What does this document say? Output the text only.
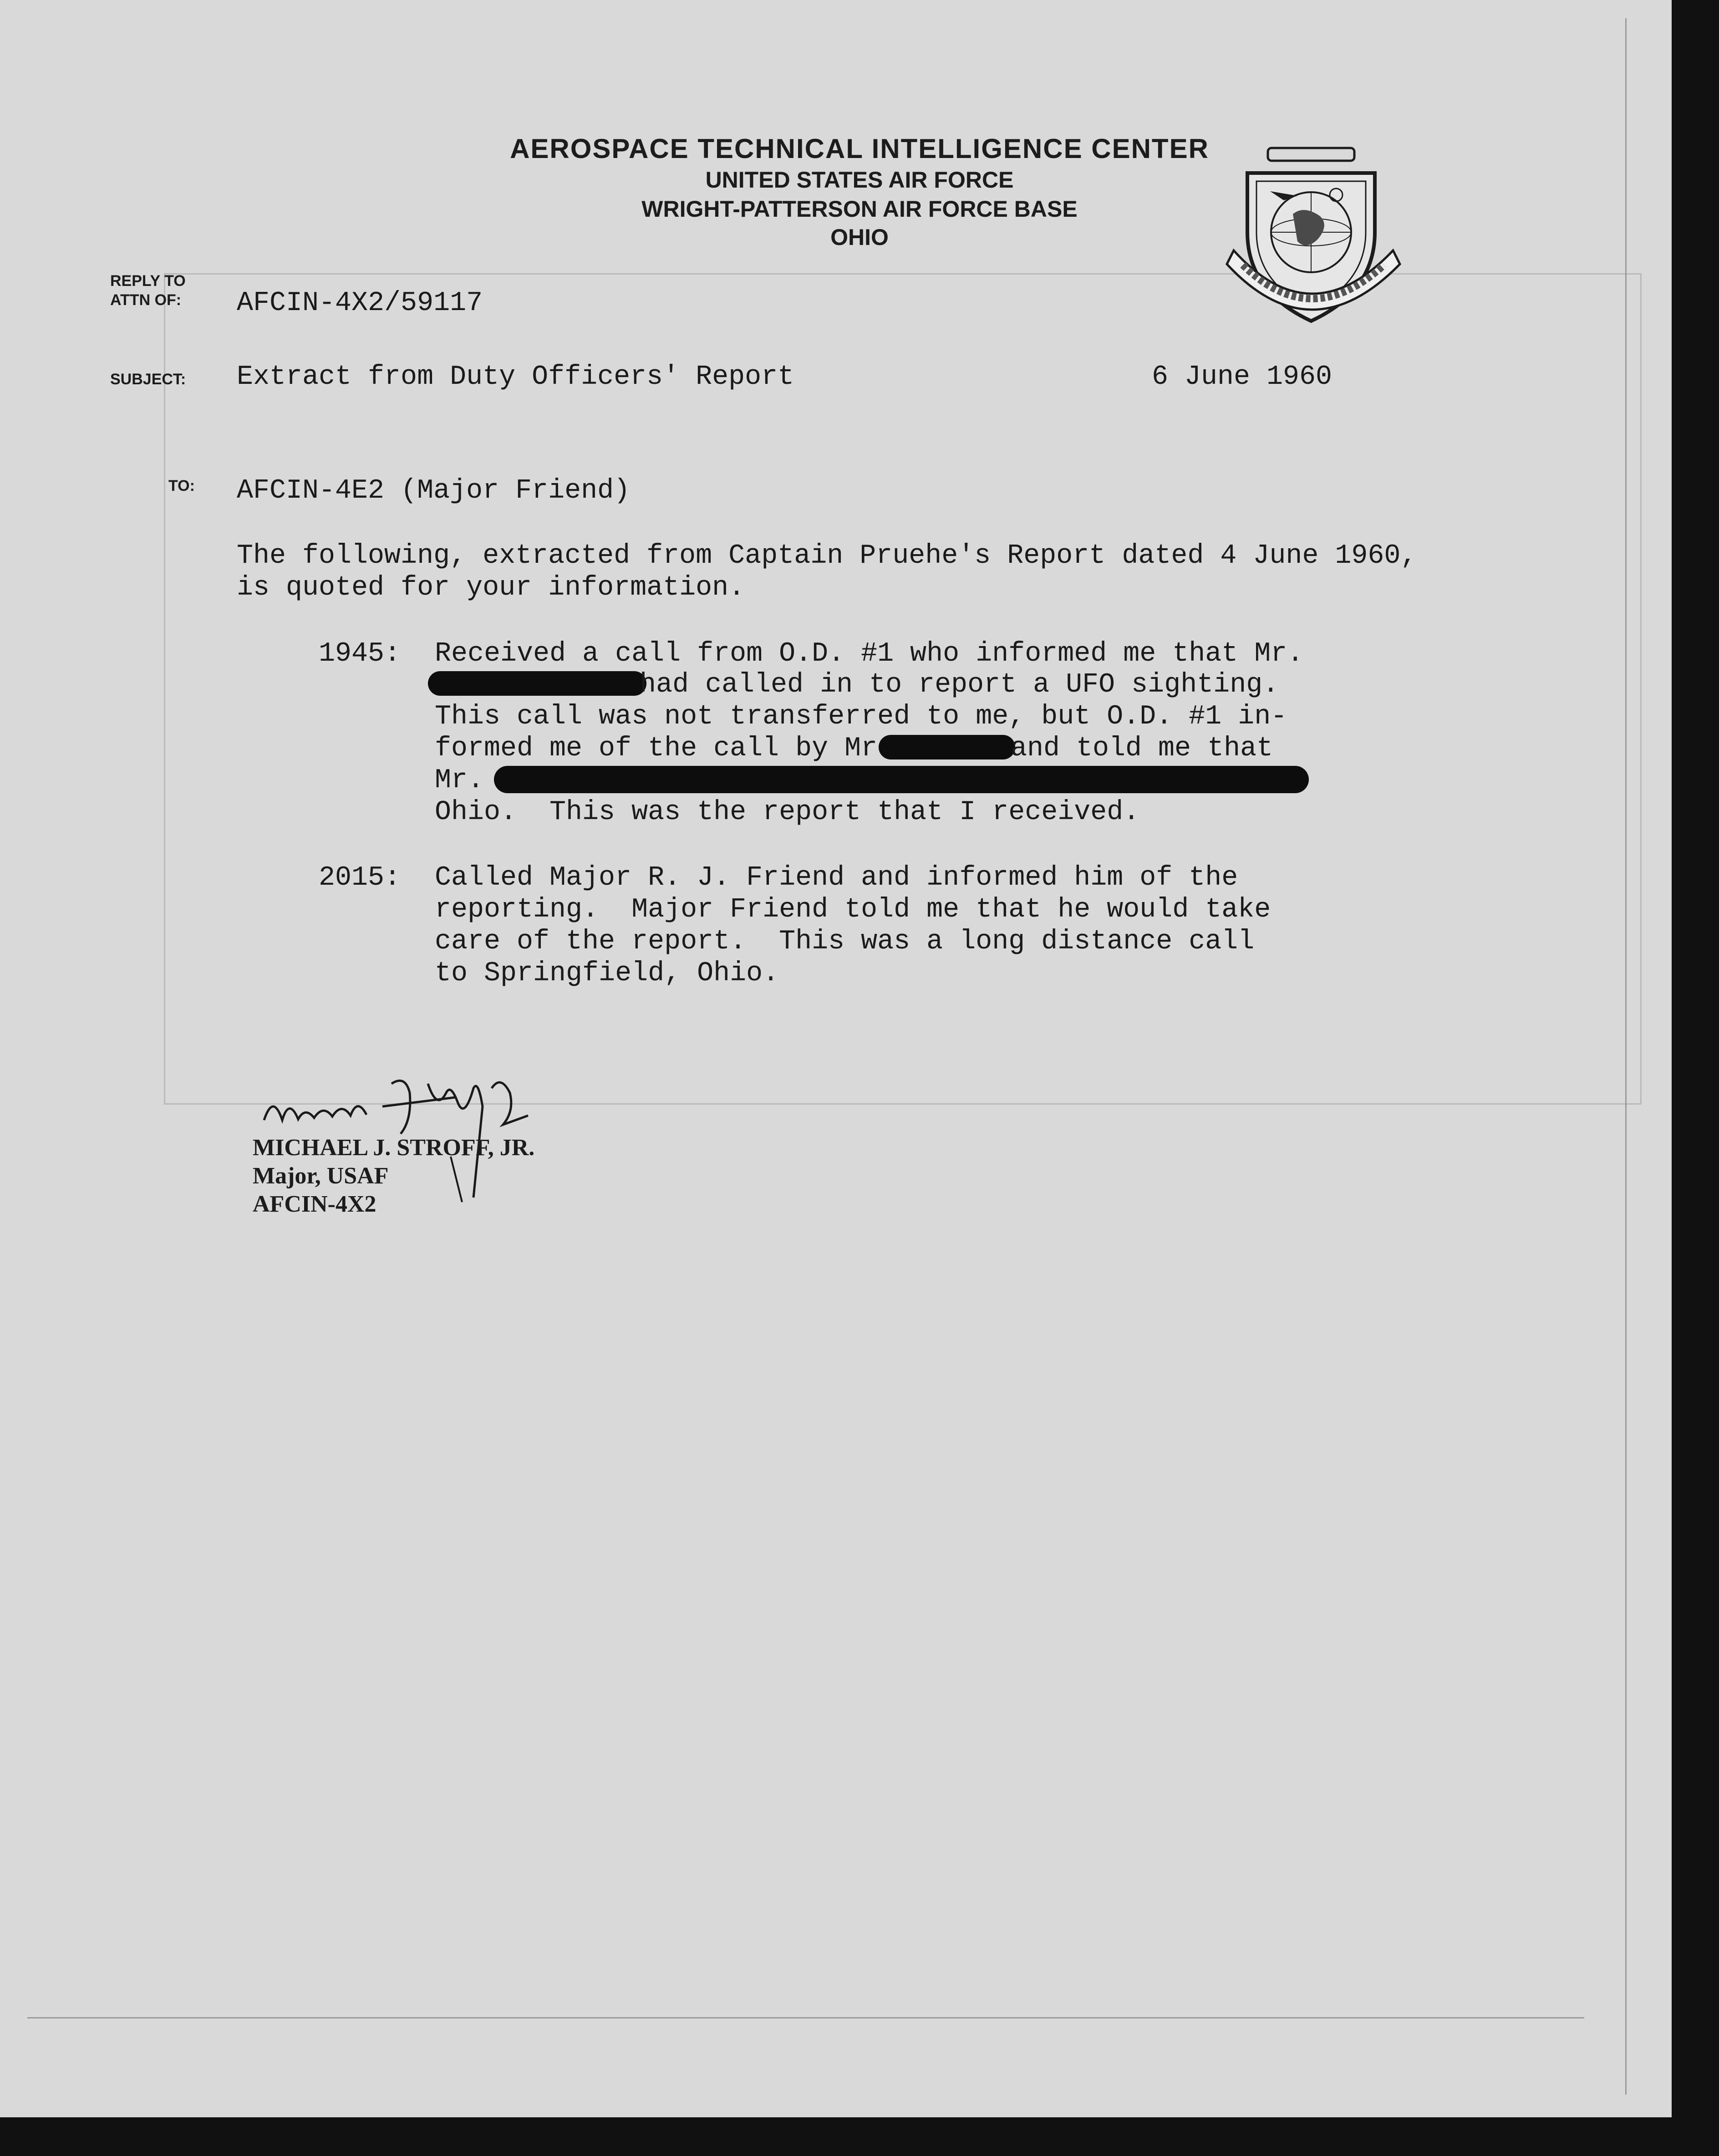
AEROSPACE TECHNICAL INTELLIGENCE CENTER
UNITED STATES AIR FORCE
WRIGHT-PATTERSON AIR FORCE BASE
OHIO
REPLY TO
ATTN OF: AFCIN-4X2/59117
SUBJECT: Extract from Duty Officers' Report	6 June 1960
TO: AFCIN-4E2 (Major Friend)
The following, extracted from Captain Pruehe's Report dated 4 June 1960,
is quoted for your information.
1945: Received a call from O.D. #1 who informed me that Mr.
had called in to report a UFO sighting.
This call was not transferred to me, but O.D. #1 in-
formed me of the call by Mr	and told me that
Mr.
Ohio.  This was the report that I received.
2015: Called Major R. J. Friend and informed him of the
reporting.  Major Friend told me that he would take
care of the report.  This was a long distance call
to Springfield, Ohio.
MICHAEL J. STROFF, JR.
Major, USAF
AFCIN-4X2
